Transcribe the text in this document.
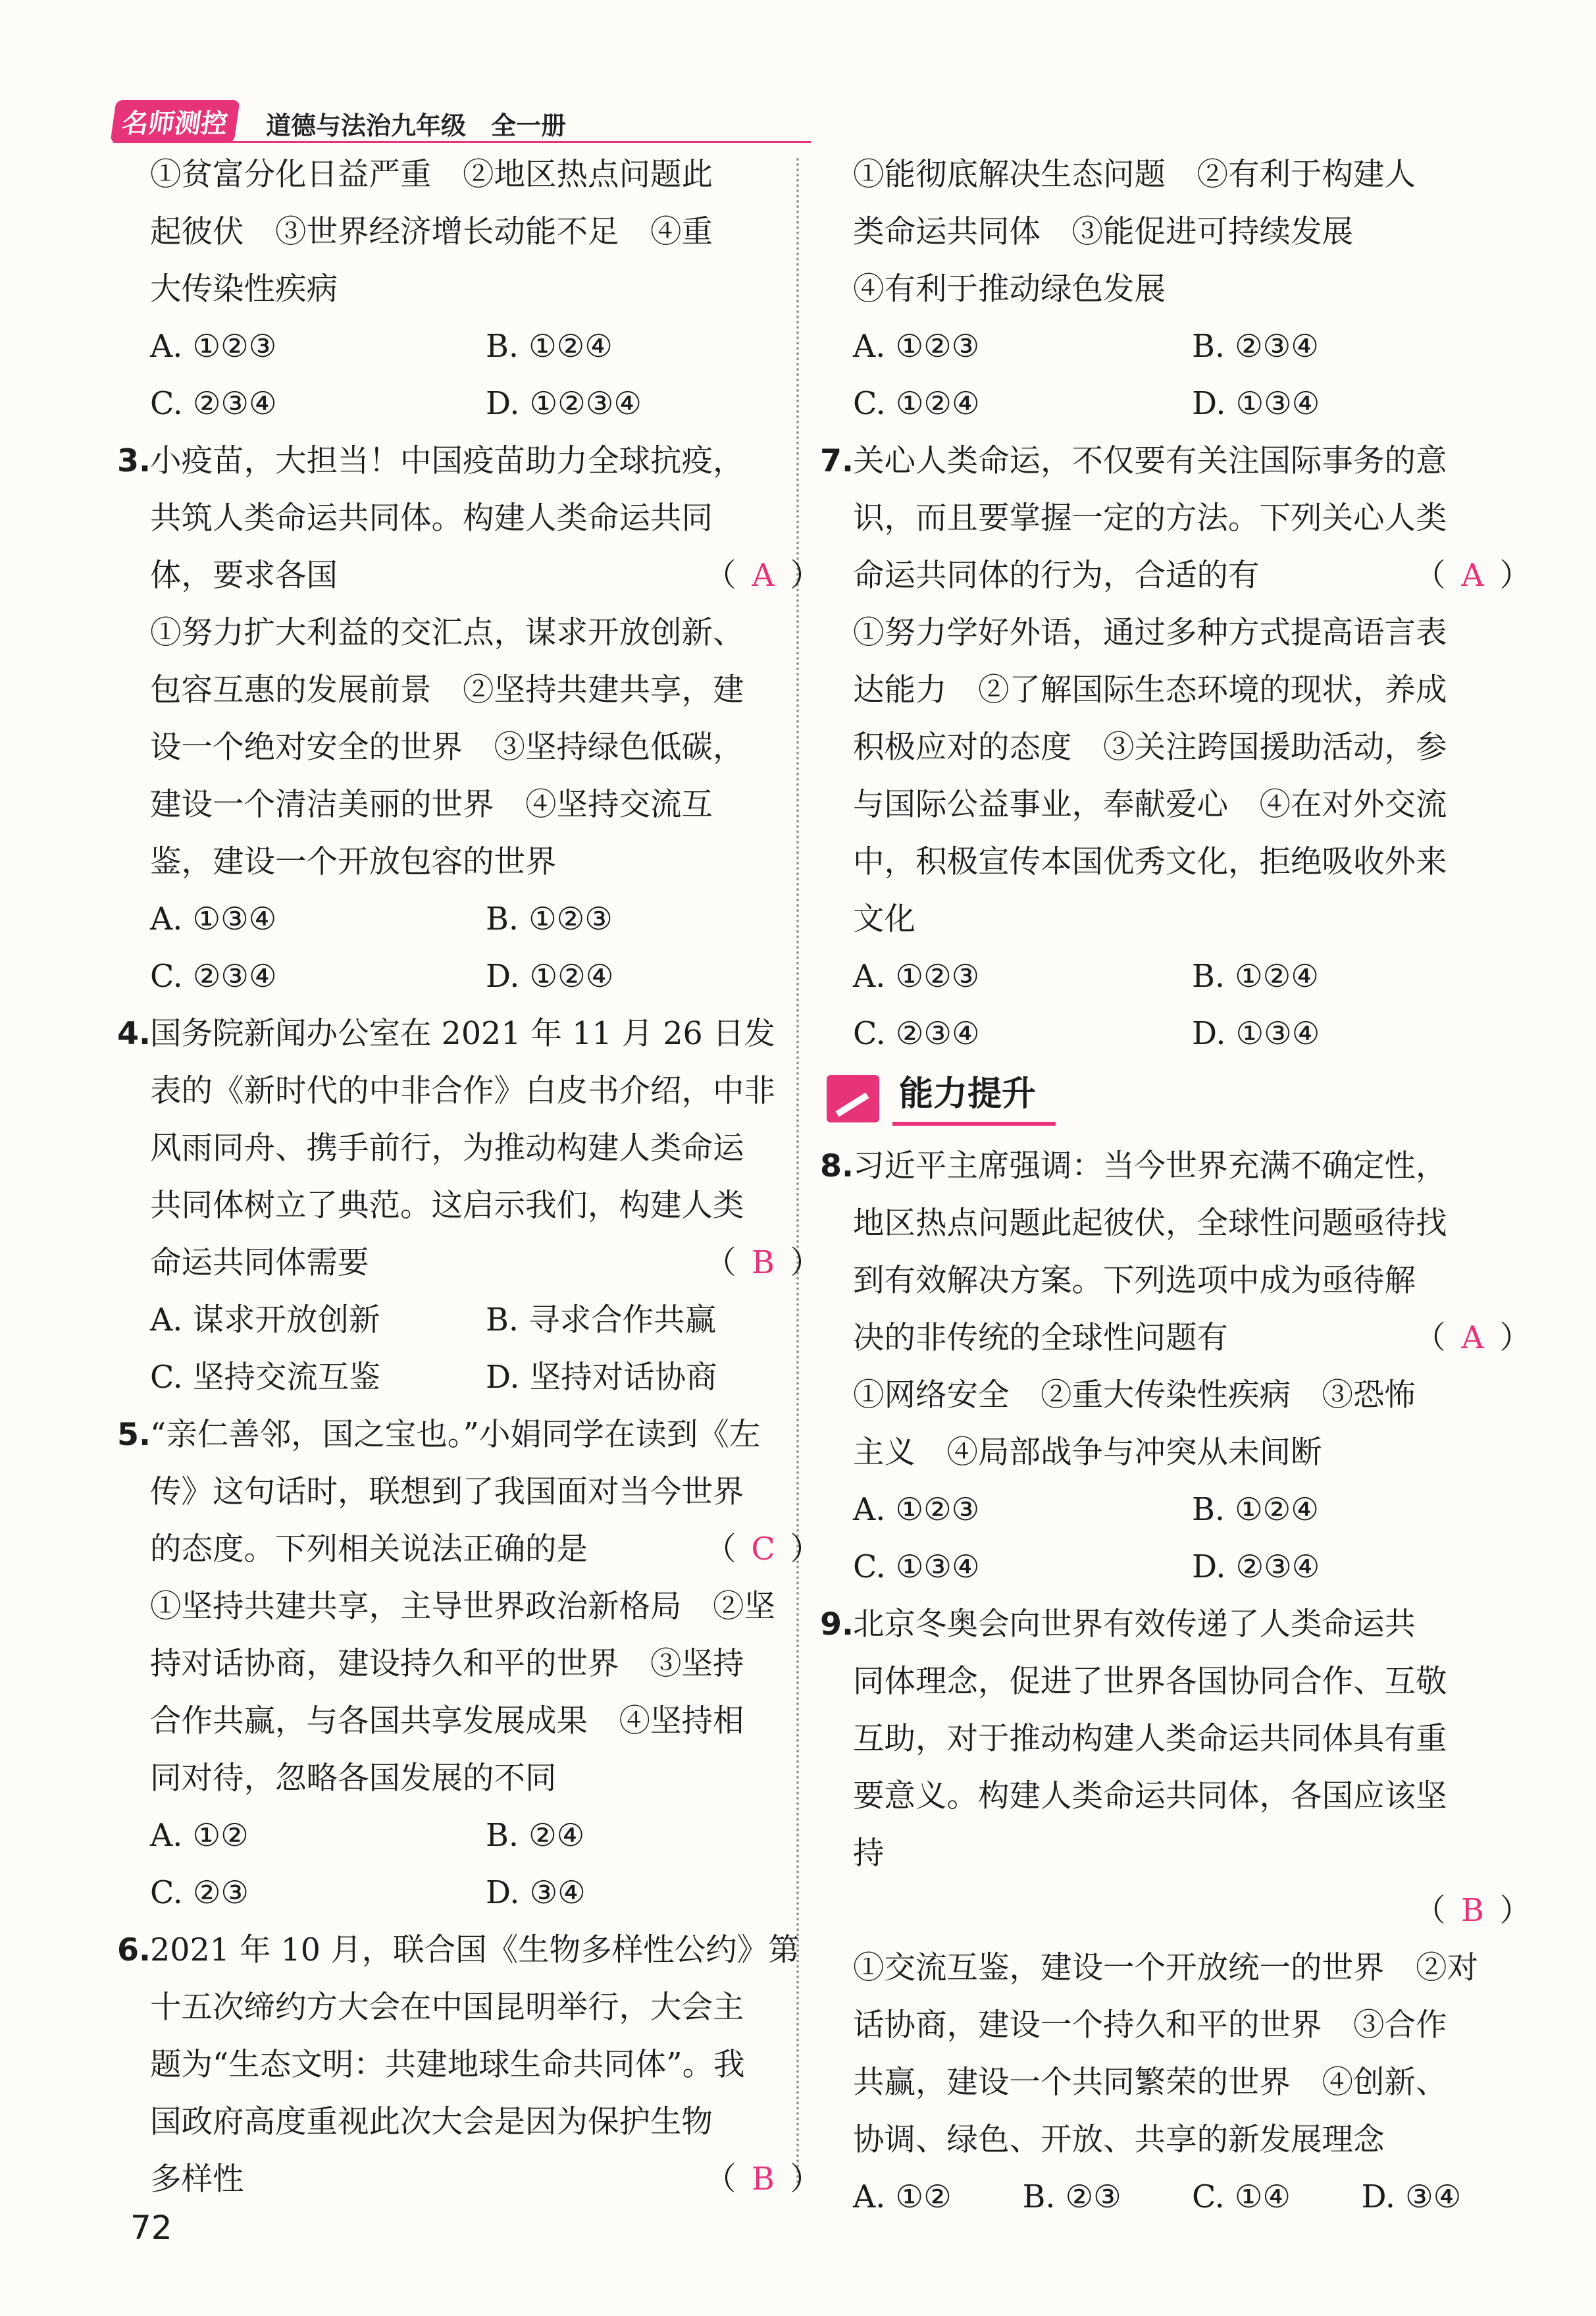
名师测控	道德与法治九年级　全一册

①贫富分化日益严重　②地区热点问题此

起彼伏　③世界经济增长动能不足　④重

大传染性疾病

A. ①②③	B. ①②④
C. ②③④	D. ①②③④
3.

小疫苗，大担当！中国疫苗助力全球抗疫，

共筑人类命运共同体。构建人类命运共同

体，要求各国	（ A ）

①努力扩大利益的交汇点，谋求开放创新、

包容互惠的发展前景　②坚持共建共享，建

设一个绝对安全的世界　③坚持绿色低碳，

建设一个清洁美丽的世界　④坚持交流互

鉴，建设一个开放包容的世界

A. ①③④	B. ①②③
C. ②③④	D. ①②④
4.

国务院新闻办公室在 2021 年 11 月 26 日发

表的《新时代的中非合作》白皮书介绍，中非

风雨同舟、携手前行，为推动构建人类命运

共同体树立了典范。这启示我们，构建人类

命运共同体需要	（ B ）

A. 谋求开放创新	B. 寻求合作共赢
C. 坚持交流互鉴	D. 坚持对话协商
5.

“亲仁善邻，国之宝也。”小娟同学在读到《左

传》这句话时，联想到了我国面对当今世界

的态度。下列相关说法正确的是	（ C ）

①坚持共建共享，主导世界政治新格局　②坚

持对话协商，建设持久和平的世界　③坚持

合作共赢，与各国共享发展成果　④坚持相

同对待，忽略各国发展的不同

A. ①②	B. ②④
C. ②③	D. ③④
6.

2021 年 10 月，联合国《生物多样性公约》第

十五次缔约方大会在中国昆明举行，大会主

题为“生态文明：共建地球生命共同体”。我

国政府高度重视此次大会是因为保护生物

多样性	（ B ）

①能彻底解决生态问题　②有利于构建人

类命运共同体　③能促进可持续发展

④有利于推动绿色发展

A. ①②③	B. ②③④
C. ①②④	D. ①③④
7.

关心人类命运，不仅要有关注国际事务的意

识，而且要掌握一定的方法。下列关心人类

命运共同体的行为，合适的有	（ A ）

①努力学好外语，通过多种方式提高语言表

达能力　②了解国际生态环境的现状，养成

积极应对的态度　③关注跨国援助活动，参

与国际公益事业，奉献爱心　④在对外交流

中，积极宣传本国优秀文化，拒绝吸收外来

文化

A. ①②③	B. ①②④
C. ②③④	D. ①③④
能力提升
8.

习近平主席强调：当今世界充满不确定性，

地区热点问题此起彼伏，全球性问题亟待找

到有效解决方案。下列选项中成为亟待解

决的非传统的全球性问题有	（ A ）

①网络安全　②重大传染性疾病　③恐怖

主义　④局部战争与冲突从未间断

A. ①②③	B. ①②④
C. ①③④	D. ②③④
9.

北京冬奥会向世界有效传递了人类命运共

同体理念，促进了世界各国协同合作、互敬

互助，对于推动构建人类命运共同体具有重

要意义。构建人类命运共同体，各国应该坚

持

（ B ）

①交流互鉴，建设一个开放统一的世界　②对

话协商，建设一个持久和平的世界　③合作

共赢，建设一个共同繁荣的世界　④创新、

协调、绿色、开放、共享的新发展理念

A. ①②	B. ②③	C. ①④	D. ③④
72
